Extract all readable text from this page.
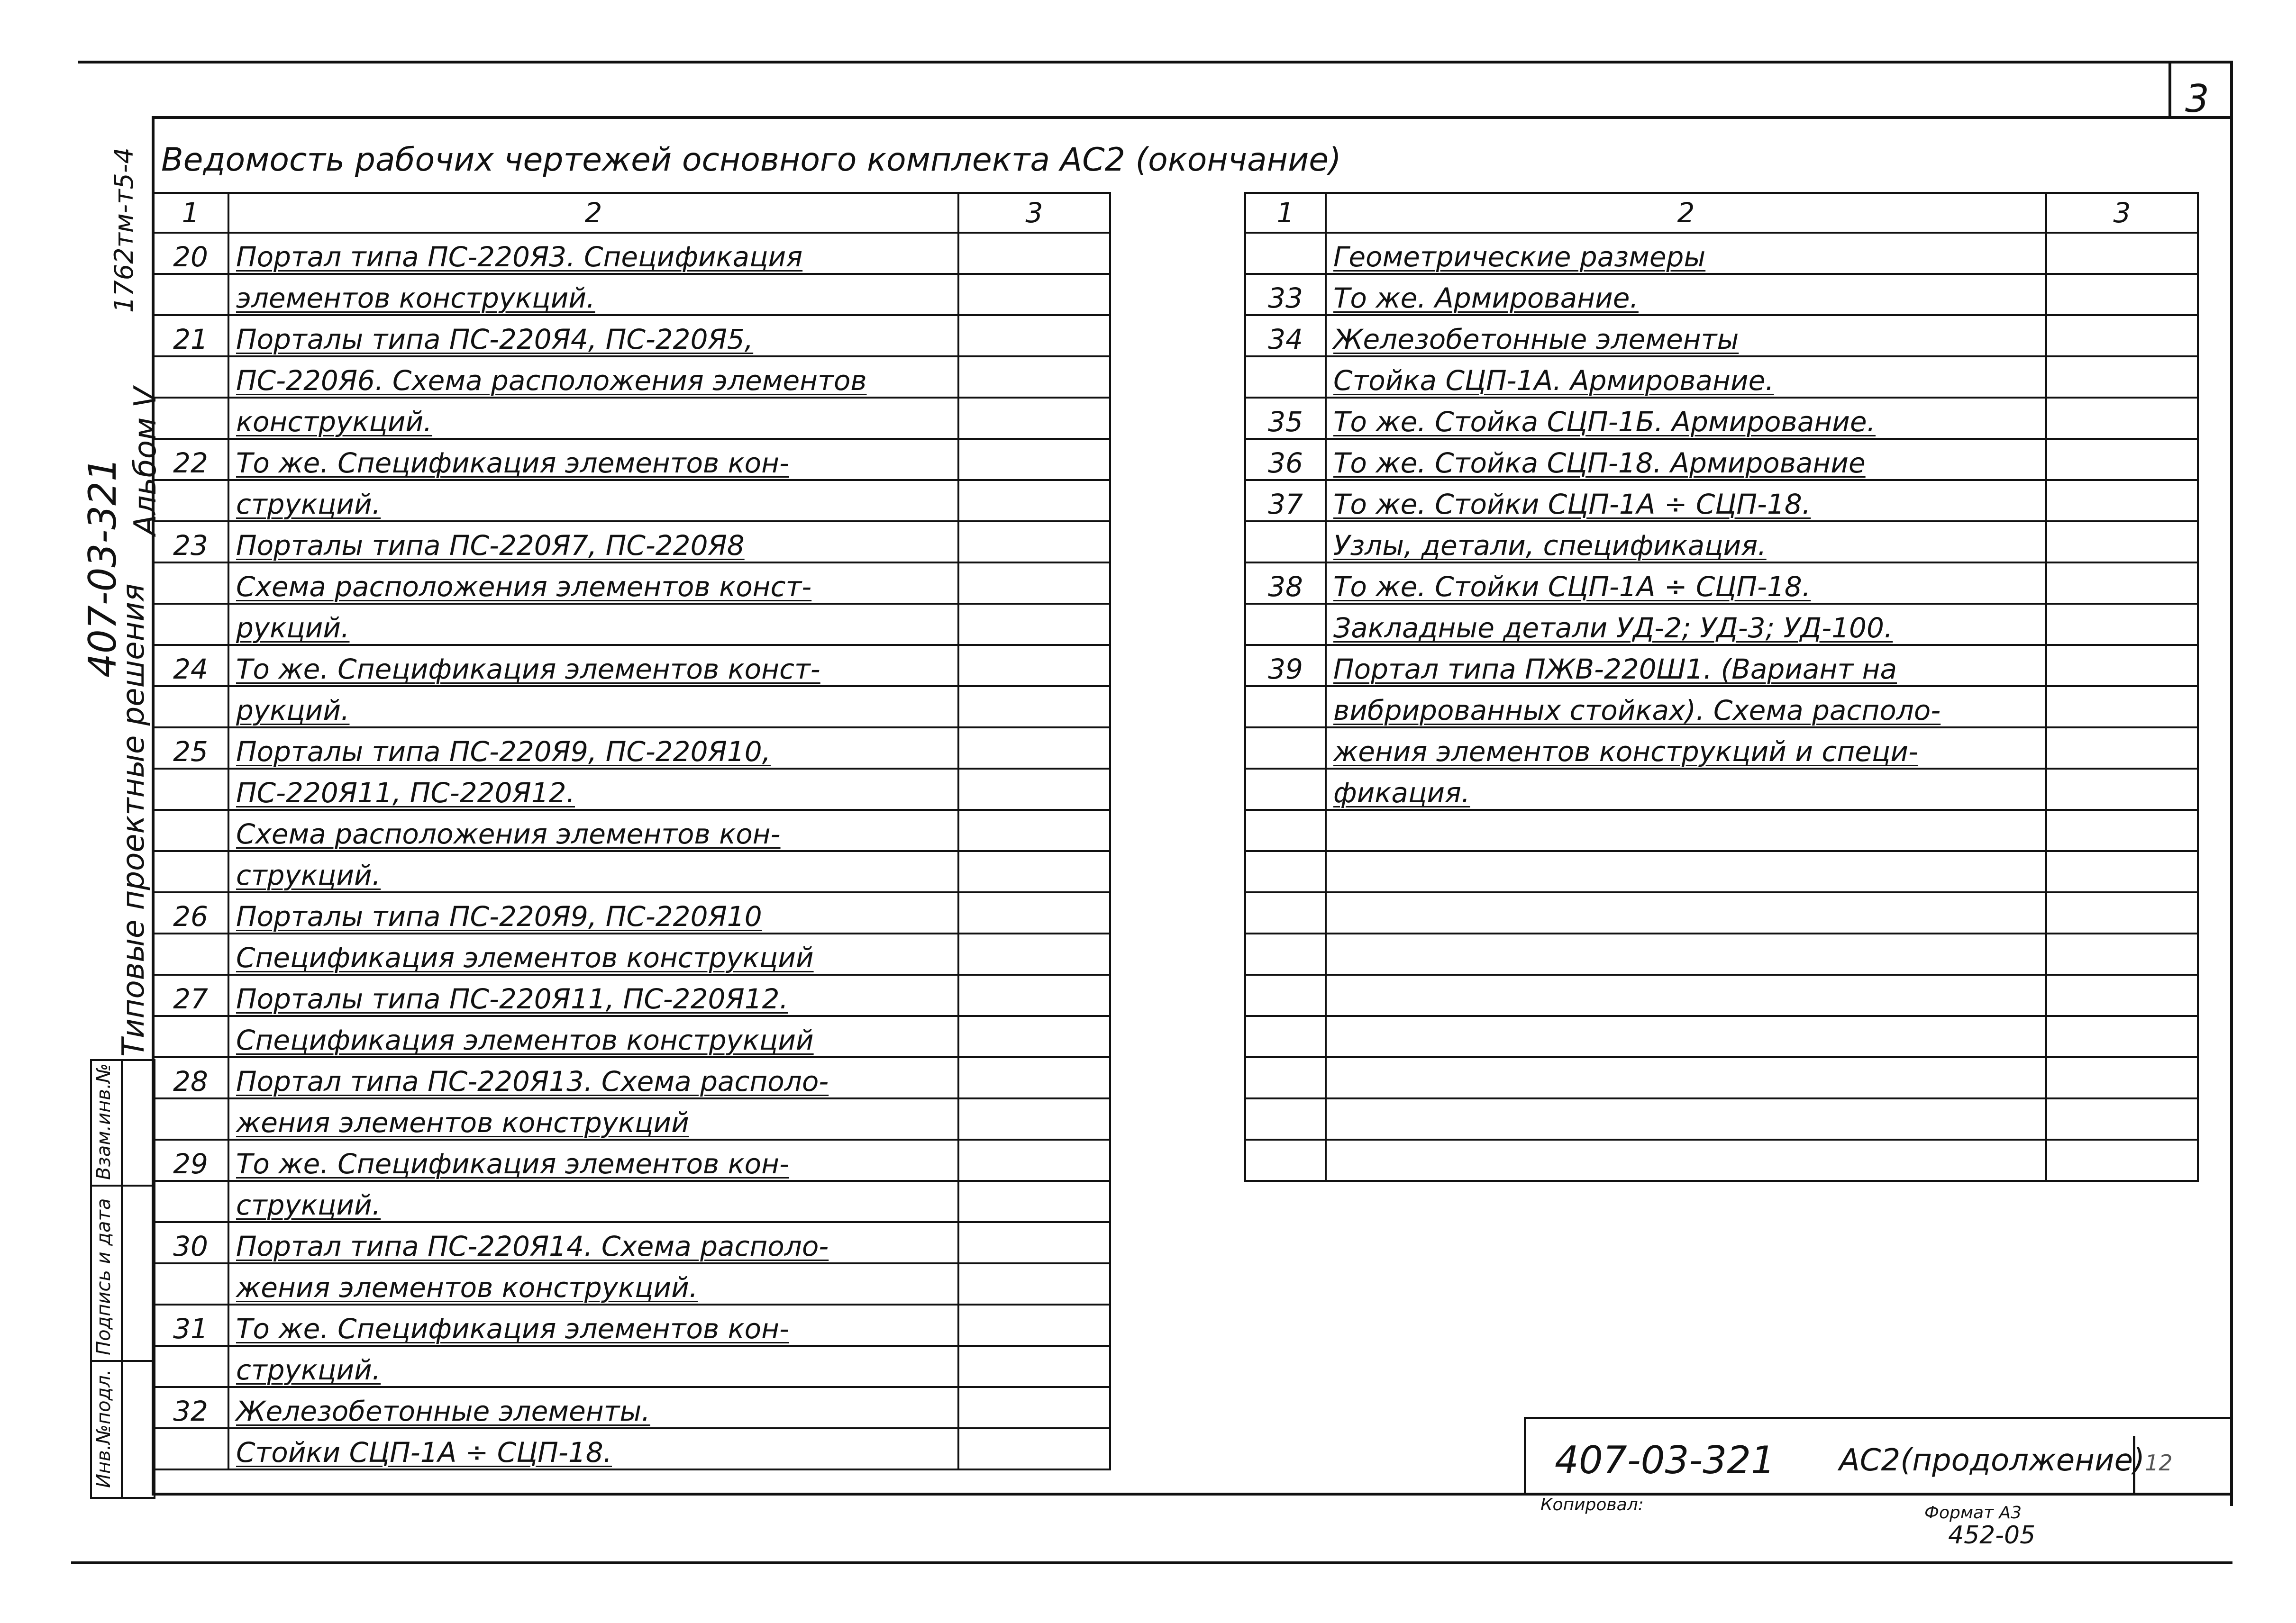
3
Ведомость рабочих чертежей основного комплекта АС2 (окончание)
1762тм-т5-4
Альбом V
407-03-321
Типовые проектные решения
Инв.№подл.
Подпись и дата
Взам.инв.№
1	2	3
20	Портал типа ПС-220Я3. Спецификация	
	элементов конструкций.	
21	Порталы типа ПС-220Я4, ПС-220Я5,	
	ПС-220Я6. Схема расположения элементов	
	конструкций.	
22	То же. Спецификация элементов кон-	
	струкций.	
23	Порталы типа ПС-220Я7, ПС-220Я8	
	Схема расположения элементов конст-	
	рукций.	
24	То же. Спецификация элементов конст-	
	рукций.	
25	Порталы типа ПС-220Я9, ПС-220Я10,	
	ПС-220Я11, ПС-220Я12.	
	Схема расположения элементов кон-	
	струкций.	
26	Порталы типа ПС-220Я9, ПС-220Я10	
	Спецификация элементов конструкций	
27	Порталы типа ПС-220Я11, ПС-220Я12.	
	Спецификация элементов конструкций	
28	Портал типа ПС-220Я13. Схема располо-	
	жения элементов конструкций	
29	То же. Спецификация элементов кон-	
	струкций.	
30	Портал типа ПС-220Я14. Схема располо-	
	жения элементов конструкций.	
31	То же. Спецификация элементов кон-	
	струкций.	
32	Железобетонные элементы.	
	Стойки СЦП-1А ÷ СЦП-18.	
1	2	3
	Геометрические размеры	
33	То же. Армирование.	
34	Железобетонные элементы	
	Стойка СЦП-1А. Армирование.	
35	То же. Стойка СЦП-1Б. Армирование.	
36	То же. Стойка СЦП-18. Армирование	
37	То же. Стойки СЦП-1А ÷ СЦП-18.	
	Узлы, детали, спецификация.	
38	То же. Стойки СЦП-1А ÷ СЦП-18.	
	Закладные детали УД-2; УД-3; УД-100.	
39	Портал типа ПЖВ-220Ш1. (Вариант на	
	вибрированных стойках). Схема располо-	
	жения элементов конструкций и специ-	
	фикация.	

407-03-321 АС2(продолжение) 12
Копировал:	Формат А3
452-05
